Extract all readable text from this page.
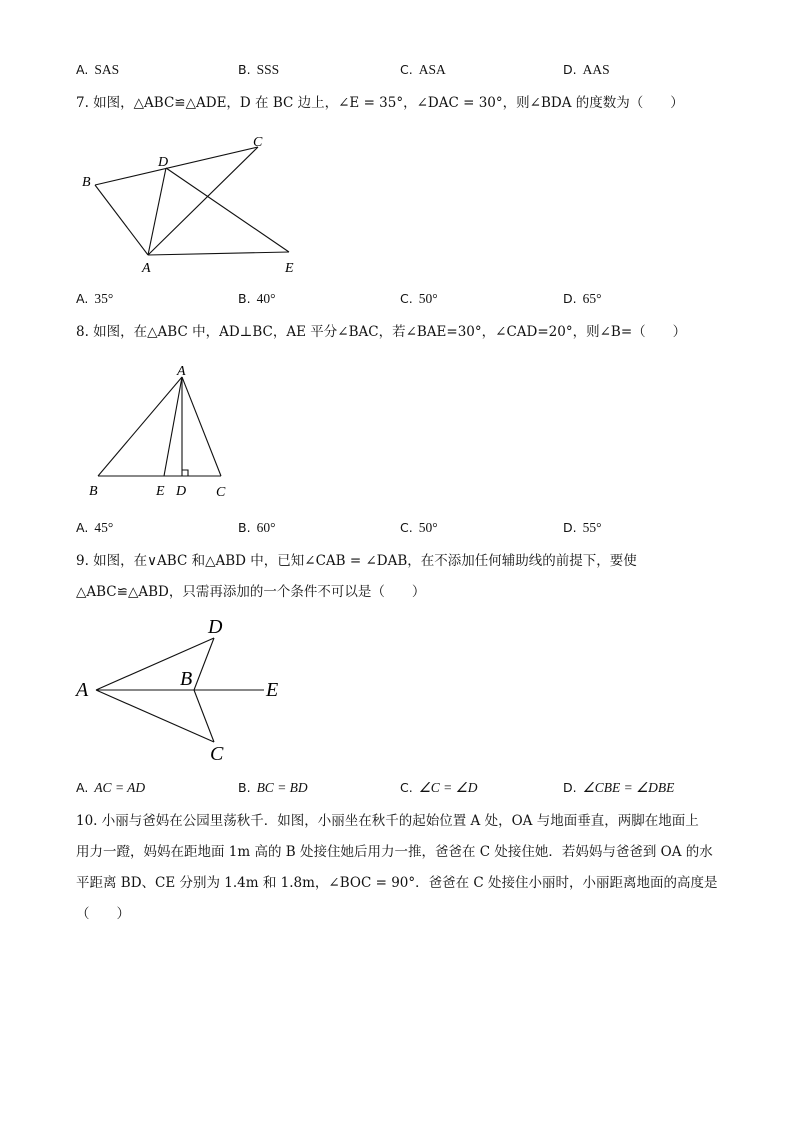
A. SAS	B. SSS	C. ASA	D. AAS
7. 如图，△ABC≌△ADE，D 在 BC 边上，∠E = 35°，∠DAC = 30°，则∠BDA 的度数为（　　）
B
D
C
A	E
A. 35°	B. 40°	C. 50°	D. 65°
8. 如图，在△ABC 中，AD⊥BC，AE 平分∠BAC，若∠BAE=30°，∠CAD=20°，则∠B=（　　）
A
B	E D C
A. 45°	B. 60°	C. 50°	D. 55°
9. 如图，在∨ABC 和△ABD 中，已知∠CAB = ∠DAB，在不添加任何辅助线的前提下，要使
△ABC≌△ABD，只需再添加的一个条件不可以是（　　）
A	B
D
E
C
A. AC = AD	B. BC = BD	C. ∠C = ∠D	D. ∠CBE = ∠DBE
10. 小丽与爸妈在公园里荡秋千．如图，小丽坐在秋千的起始位置 A 处，OA 与地面垂直，两脚在地面上
用力一蹬，妈妈在距地面 1m 高的 B 处接住她后用力一推，爸爸在 C 处接住她．若妈妈与爸爸到 OA 的水
平距离 BD、CE 分别为 1.4m 和 1.8m，∠BOC = 90°．爸爸在 C 处接住小丽时，小丽距离地面的高度是
（　　）
